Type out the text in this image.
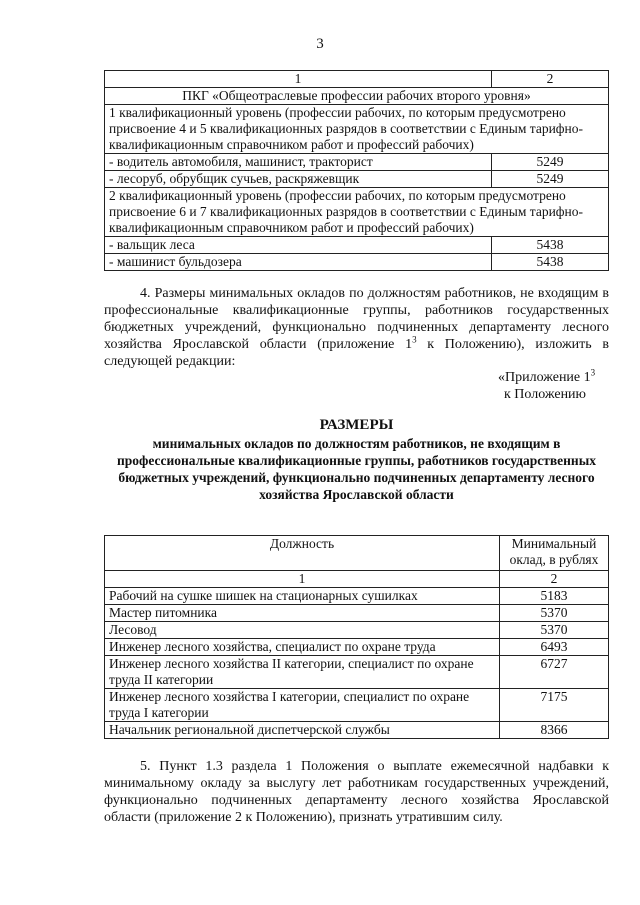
3
1	2
ПКГ «Общеотраслевые профессии рабочих второго уровня»	
1 квалификационный уровень (профессии рабочих, по которым предусмотрено присвоение 4 и 5 квалификационных разрядов в соответствии с Единым тарифно-квалификационным справочником работ и профессий рабочих)	
- водитель автомобиля, машинист, тракторист	5249
- лесоруб, обрубщик сучьев, раскряжевщик	5249
2 квалификационный уровень (профессии рабочих, по которым предусмотрено присвоение 6 и 7 квалификационных разрядов в соответствии с Единым тарифно-квалификационным справочником работ и профессий рабочих)	
- вальщик леса	5438
- машинист бульдозера	5438
4. Размеры минимальных окладов по должностям работников, не входящим в профессиональные квалификационные группы, работников государственных бюджетных учреждений, функционально подчиненных департаменту лесного хозяйства Ярославской области (приложение $1^3$ к Положению), изложить в следующей редакции:
«Приложение $1^3$
к Положению
РАЗМЕРЫ
минимальных окладов по должностям работников, не входящим в профессиональные квалификационные группы, работников государственных бюджетных учреждений, функционально подчиненных департаменту лесного хозяйства Ярославской области
Должность	Минимальный оклад, в рублях
1	2
Рабочий на сушке шишек на стационарных сушилках	5183
Мастер питомника	5370
Лесовод	5370
Инженер лесного хозяйства, специалист по охране труда	6493
Инженер лесного хозяйства II категории, специалист по охране труда II категории	6727
Инженер лесного хозяйства I категории, специалист по охране труда I категории	7175
Начальник региональной диспетчерской службы	8366
5. Пункт 1.3 раздела 1 Положения о выплате ежемесячной надбавки к минимальному окладу за выслугу лет работникам государственных учреждений, функционально подчиненных департаменту лесного хозяйства Ярославской области (приложение 2 к Положению), признать утратившим силу.
